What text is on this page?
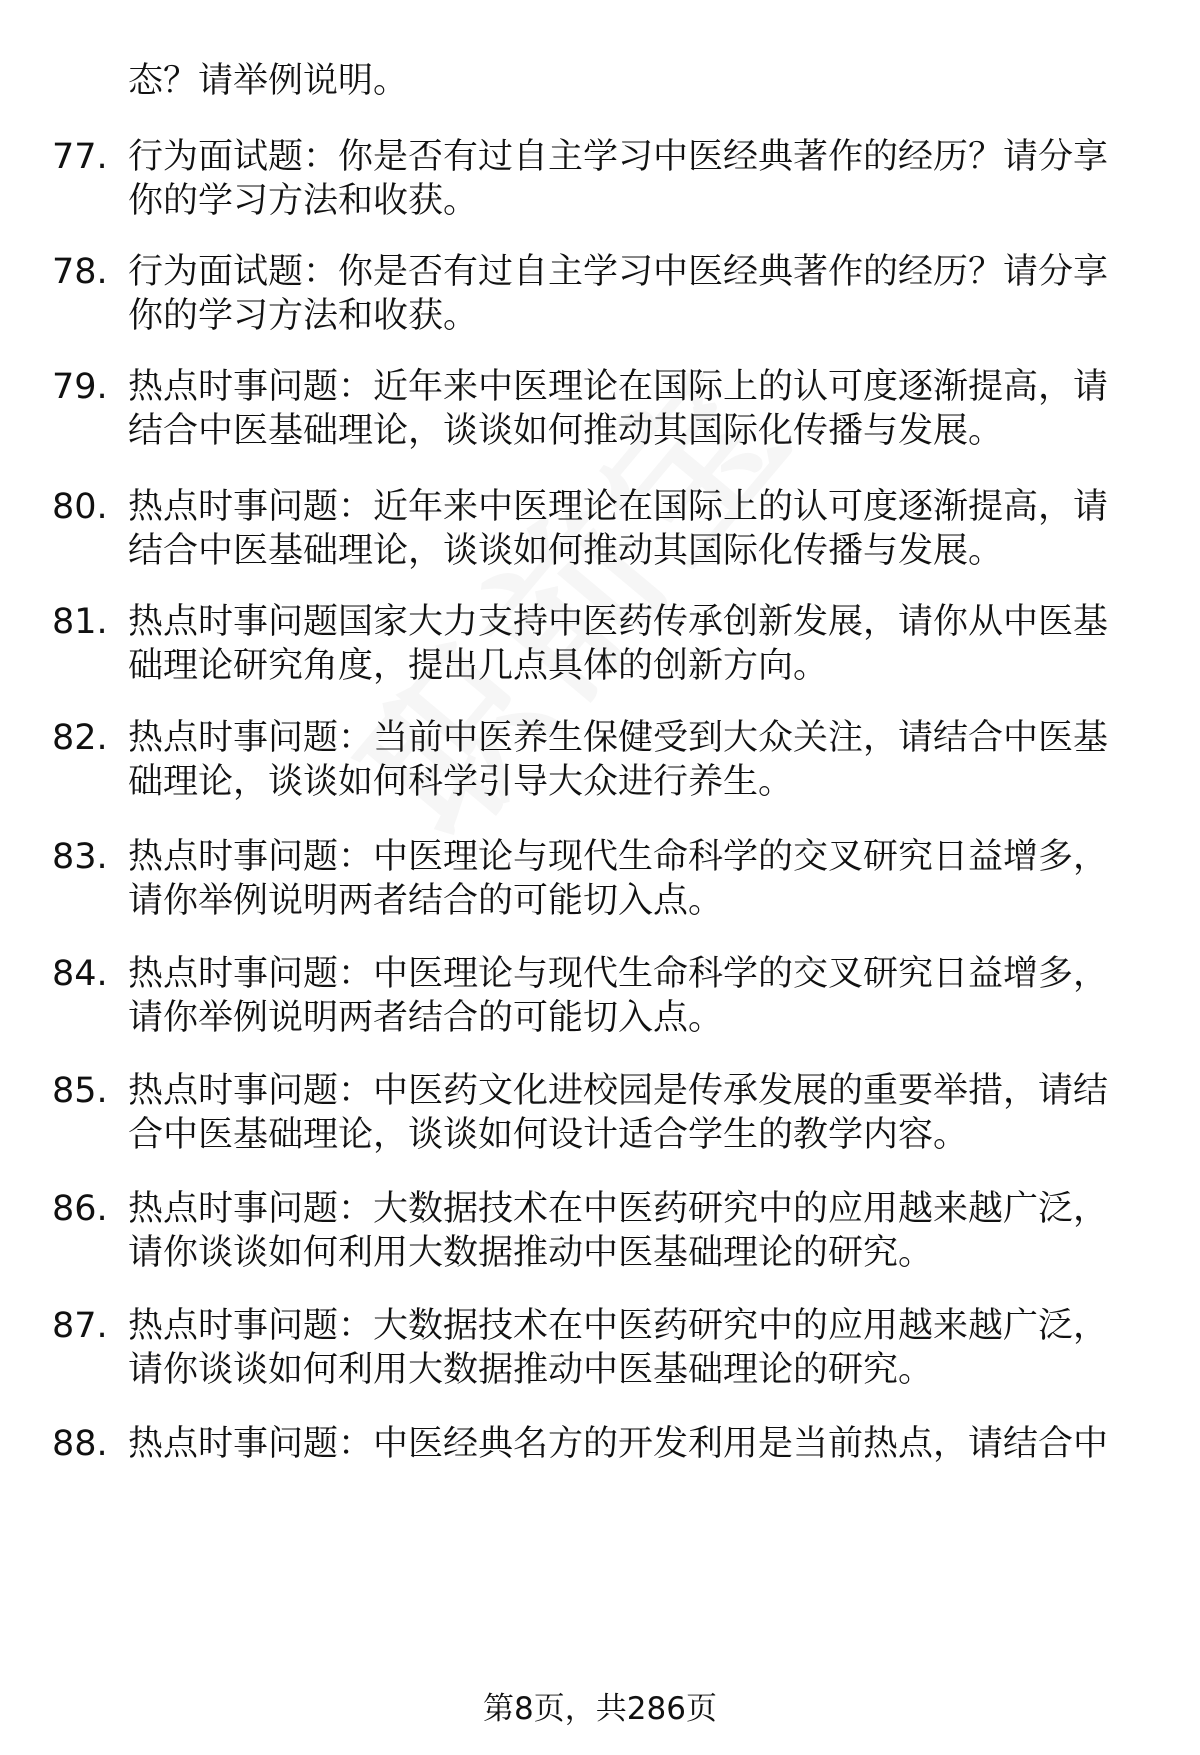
态？请举例说明。
77. 行为面试题：你是否有过自主学习中医经典著作的经历？请分享
你的学习方法和收获。
78. 行为面试题：你是否有过自主学习中医经典著作的经历？请分享
你的学习方法和收获。
79. 热点时事问题：近年来中医理论在国际上的认可度逐渐提高，请
结合中医基础理论，谈谈如何推动其国际化传播与发展。
80. 热点时事问题：近年来中医理论在国际上的认可度逐渐提高，请
结合中医基础理论，谈谈如何推动其国际化传播与发展。
81. 热点时事问题国家大力支持中医药传承创新发展，请你从中医基
础理论研究角度，提出几点具体的创新方向。
82. 热点时事问题：当前中医养生保健受到大众关注，请结合中医基
础理论，谈谈如何科学引导大众进行养生。
83. 热点时事问题：中医理论与现代生命科学的交叉研究日益增多，
请你举例说明两者结合的可能切入点。
84. 热点时事问题：中医理论与现代生命科学的交叉研究日益增多，
请你举例说明两者结合的可能切入点。
85. 热点时事问题：中医药文化进校园是传承发展的重要举措，请结
合中医基础理论，谈谈如何设计适合学生的教学内容。
86. 热点时事问题：大数据技术在中医药研究中的应用越来越广泛，
请你谈谈如何利用大数据推动中医基础理论的研究。
87. 热点时事问题：大数据技术在中医药研究中的应用越来越广泛，
请你谈谈如何利用大数据推动中医基础理论的研究。
88. 热点时事问题：中医经典名方的开发利用是当前热点，请结合中
第8页，共286页
